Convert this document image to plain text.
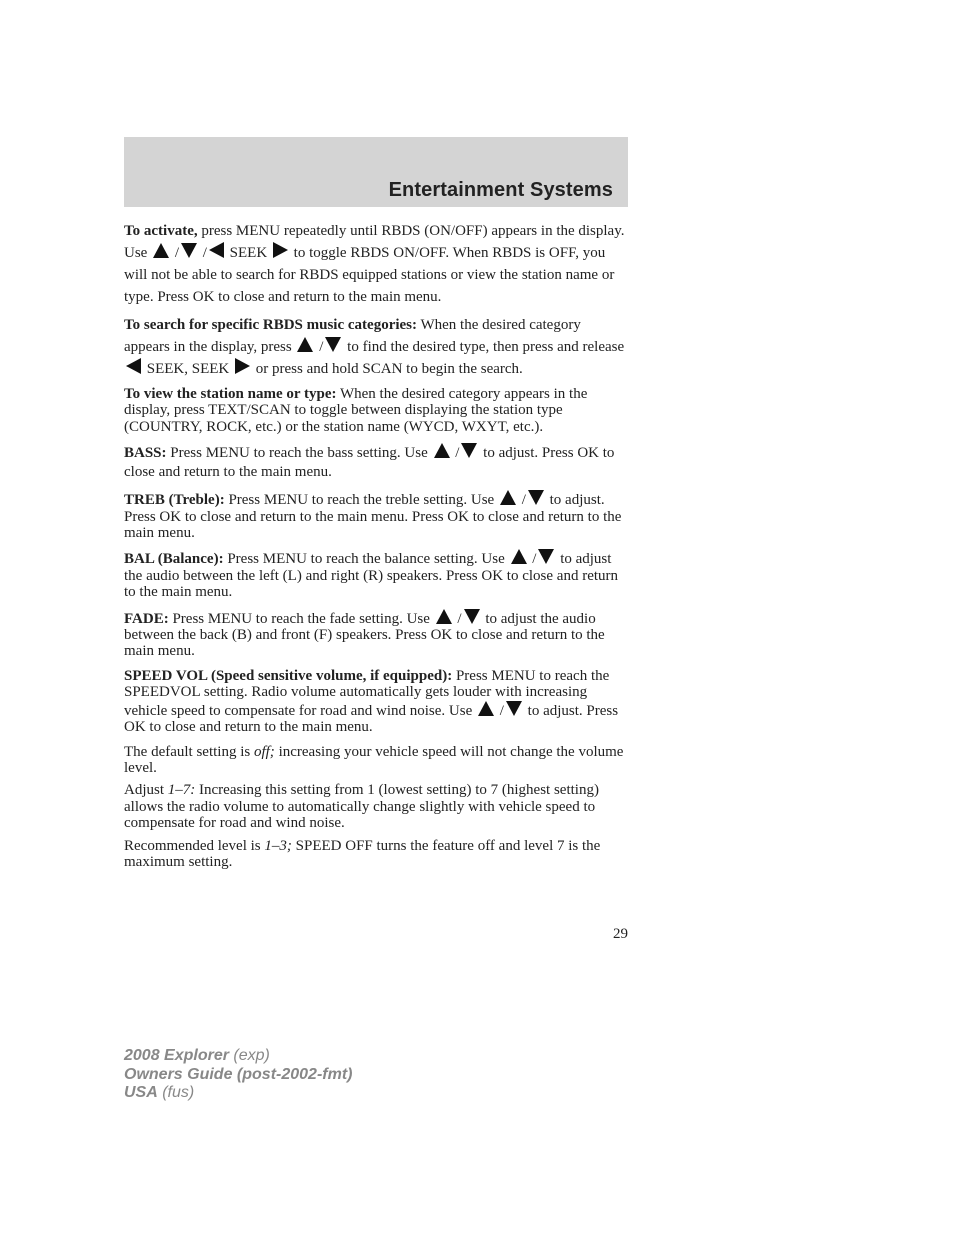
Entertainment Systems

To activate, press MENU repeatedly until RBDS (ON/OFF) appears in the display. Use  / / SEEK  to toggle RBDS ON/OFF. When RBDS is OFF, you will not be able to search for RBDS equipped stations or view the station name or type. Press OK to close and return to the main menu.

To search for specific RBDS music categories: When the desired category appears in the display, press  / to find the desired type, then press and release  SEEK, SEEK  or press and hold SCAN to begin the search.

To view the station name or type: When the desired category appears in the display, press TEXT/SCAN to toggle between displaying the station type (COUNTRY, ROCK, etc.) or the station name (WYCD, WXYT, etc.).

BASS: Press MENU to reach the bass setting. Use  / to adjust. Press OK to close and return to the main menu.

TREB (Treble): Press MENU to reach the treble setting. Use  / to adjust. Press OK to close and return to the main menu. Press OK to close and return to the main menu.

BAL (Balance): Press MENU to reach the balance setting. Use  / to adjust the audio between the left (L) and right (R) speakers. Press OK to close and return to the main menu.

FADE: Press MENU to reach the fade setting. Use  / to adjust the audio between the back (B) and front (F) speakers. Press OK to close and return to the main menu.

SPEED VOL (Speed sensitive volume, if equipped): Press MENU to reach the SPEEDVOL setting. Radio volume automatically gets louder with increasing vehicle speed to compensate for road and wind noise. Use  / to adjust. Press OK to close and return to the main menu.

The default setting is off; increasing your vehicle speed will not change the volume level.

Adjust 1–7: Increasing this setting from 1 (lowest setting) to 7 (highest setting) allows the radio volume to automatically change slightly with vehicle speed to compensate for road and wind noise.

Recommended level is 1–3; SPEED OFF turns the feature off and level 7 is the maximum setting.

29
2008 Explorer (exp)
Owners Guide (post-2002-fmt)
USA (fus)
